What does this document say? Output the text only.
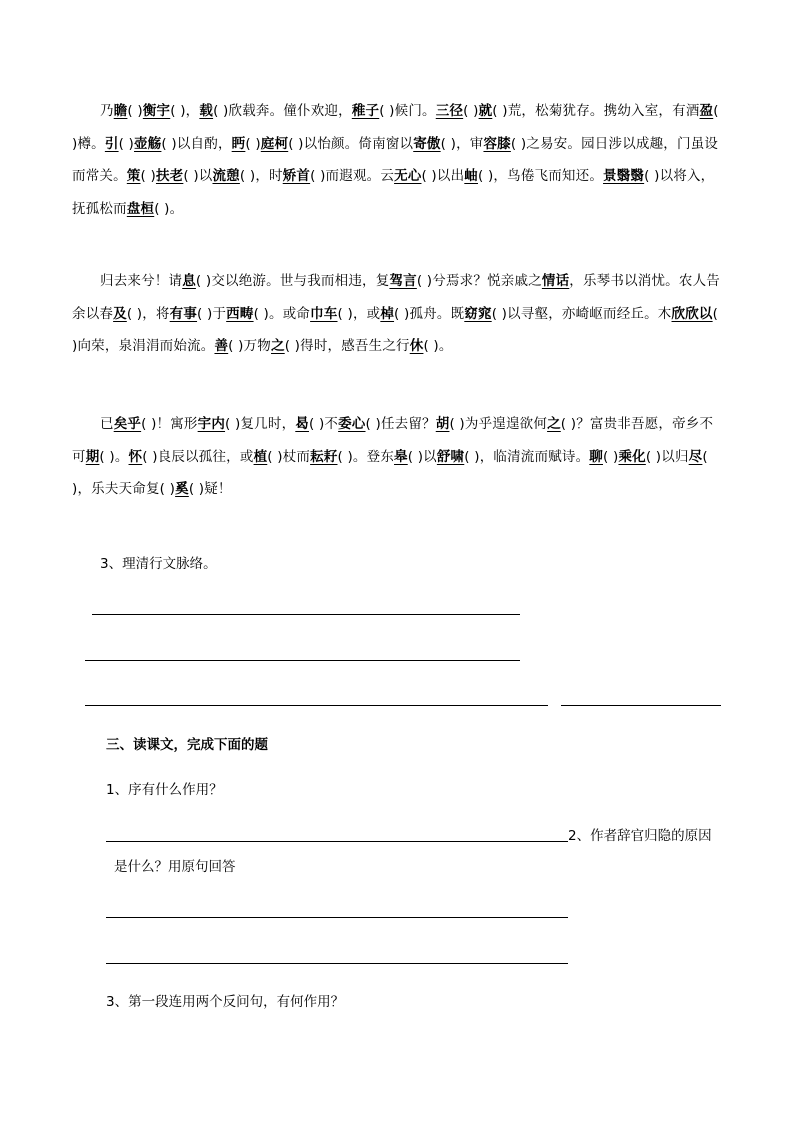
乃瞻( )衡宇( )，载( )欣载奔。僮仆欢迎，稚子( )候门。三径( )就( )荒，松菊犹存。携幼入室，有酒盈( )樽。引( )壶觞( )以自酌，眄( )庭柯( )以怡颜。倚南窗以寄傲( )，审容膝( )之易安。园日涉以成趣，门虽设而常关。策( )扶老( )以流憩( )，时矫首( )而遐观。云无心( )以出岫( )，鸟倦飞而知还。景翳翳( )以将入，抚孤松而盘桓( )。
归去来兮！请息( )交以绝游。世与我而相违，复驾言( )兮焉求？悦亲戚之情话，乐琴书以消忧。农人告余以春及( )，将有事( )于西畴( )。或命巾车( )，或棹( )孤舟。既窈窕( )以寻壑，亦崎岖而经丘。木欣欣以( )向荣，泉涓涓而始流。善( )万物之( )得时，感吾生之行休( )。
已矣乎( )！寓形宇内( )复几时，曷( )不委心( )任去留？胡( )为乎遑遑欲何之( )？富贵非吾愿，帝乡不可期( )。怀( )良辰以孤往，或植( )杖而耘耔( )。登东皋( )以舒啸( )，临清流而赋诗。聊( )乘化( )以归尽( )，乐夫天命复( )奚( )疑！
3、理清行文脉络。
三、读课文，完成下面的题
1、序有什么作用？
2、作者辞官归隐的原因
是什么？用原句回答
3、第一段连用两个反问句，有何作用？
